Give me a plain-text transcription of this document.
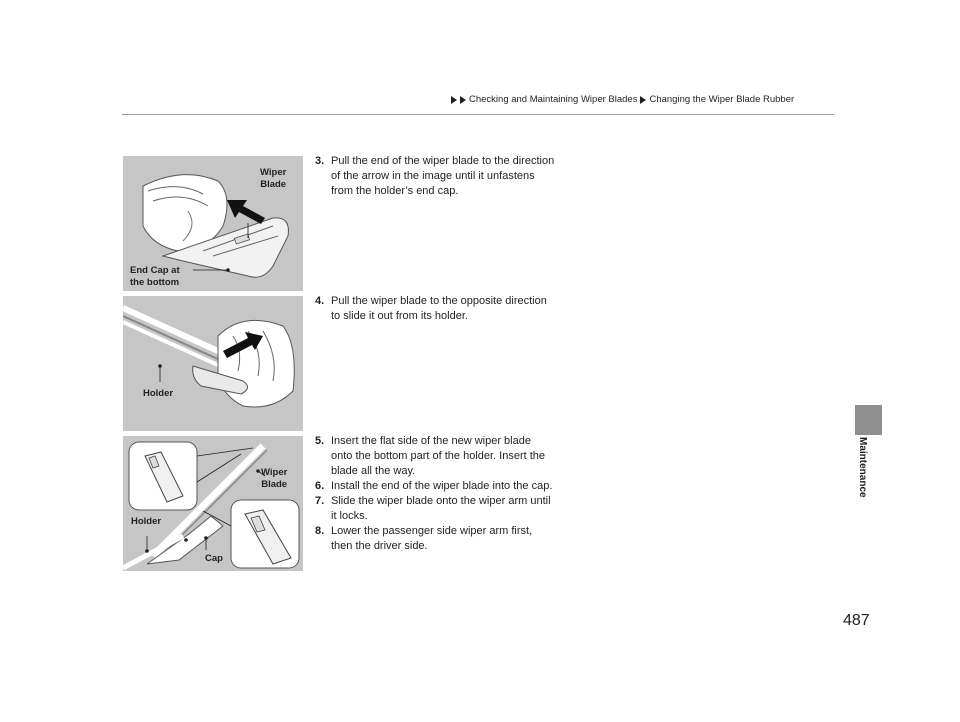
Checking and Maintaining Wiper Blades Changing the Wiper Blade Rubber
Maintenance
Wiper
Blade
End Cap at
the bottom
Holder
Wiper
Blade
Holder
Cap
3. Pull the end of the wiper blade to the direction of the arrow in the image until it unfastens from the holder’s end cap.
4. Pull the wiper blade to the opposite direction to slide it out from its holder.
5. Insert the flat side of the new wiper blade onto the bottom part of the holder. Insert the blade all the way.
6. Install the end of the wiper blade into the cap.
7. Slide the wiper blade onto the wiper arm until it locks.
8. Lower the passenger side wiper arm first, then the driver side.
487
